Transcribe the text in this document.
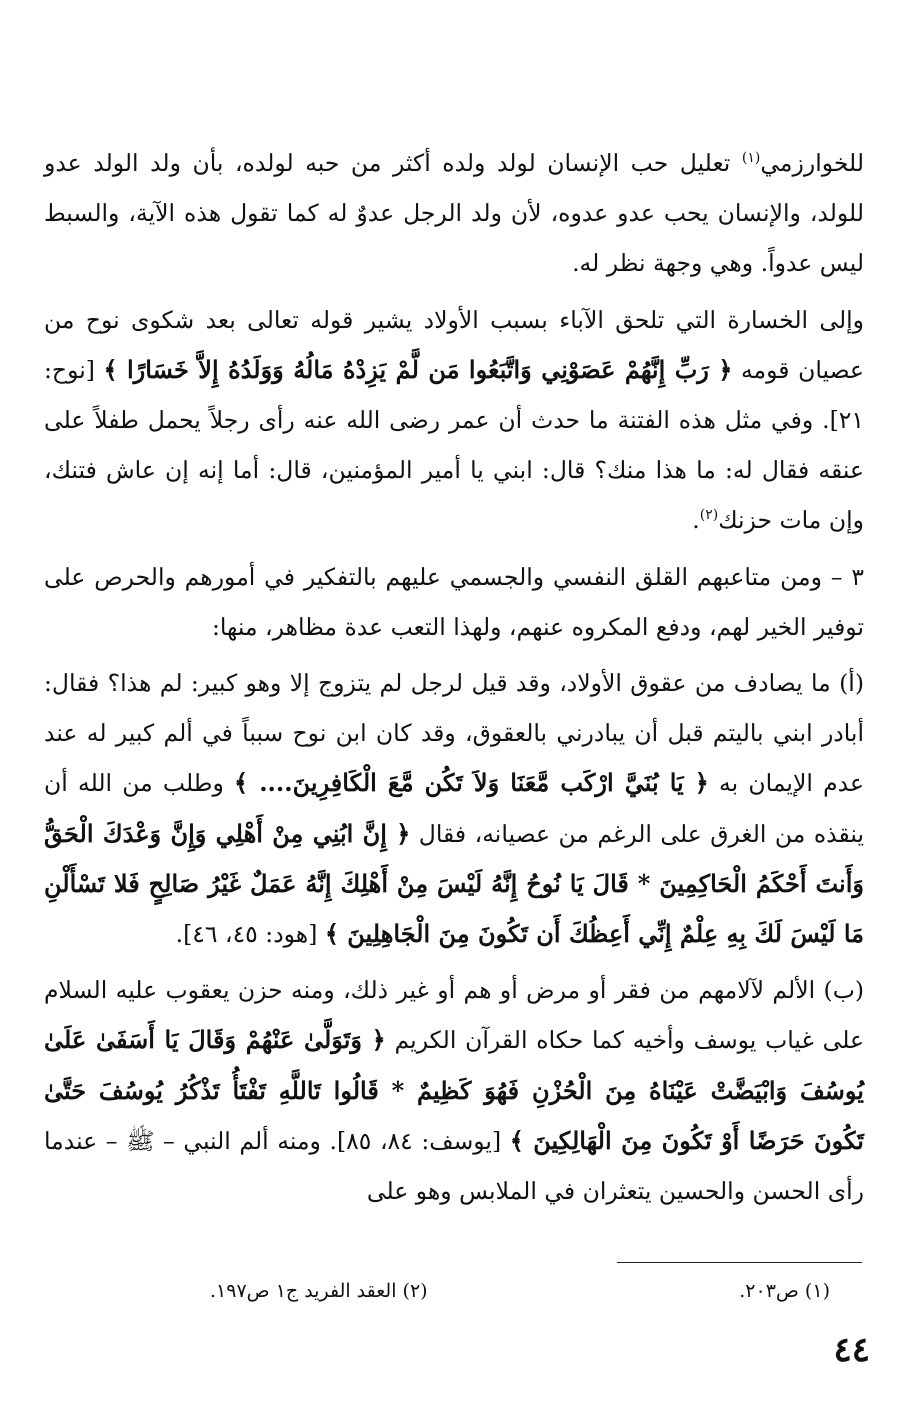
للخوارزمي$^{(١)}$ تعليل حب الإنسان لولد ولده أكثر من حبه لولده، بأن ولد الولد عدو للولد، والإنسان يحب عدو عدوه، لأن ولد الرجل عدوٌ له كما تقول هذه الآية، والسبط ليس عدواً. وهي وجهة نظر له.

وإلى الخسارة التي تلحق الآباء بسبب الأولاد يشير قوله تعالى بعد شكوى نوح من عصيان قومه ﴿ رَبِّ إِنَّهُمْ عَصَوْنِي وَاتَّبَعُوا مَن لَّمْ يَزِدْهُ مَالُهُ وَوَلَدُهُ إِلاَّ خَسَارًا ﴾ [نوح: ٢١]. وفي مثل هذه الفتنة ما حدث أن عمر رضى الله عنه رأى رجلاً يحمل طفلاً على عنقه فقال له: ما هذا منك؟ قال: ابني يا أمير المؤمنين، قال: أما إنه إن عاش فتنك، وإن مات حزنك$^{(٢)}$.

٣ – ومن متاعبهم القلق النفسي والجسمي عليهم بالتفكير في أمورهم والحرص على توفير الخير لهم، ودفع المكروه عنهم، ولهذا التعب عدة مظاهر، منها:

(أ) ما يصادف من عقوق الأولاد، وقد قيل لرجل لم يتزوج إلا وهو كبير: لم هذا؟ فقال: أبادر ابني باليتم قبل أن يبادرني بالعقوق، وقد كان ابن نوح سبباً في ألم كبير له عند عدم الإيمان به ﴿ يَا بُنَيَّ ارْكَب مَّعَنَا وَلاَ تَكُن مَّعَ الْكَافِرِينَ.... ﴾ وطلب من الله أن ينقذه من الغرق على الرغم من عصيانه، فقال ﴿ إِنَّ ابُنِي مِنْ أَهْلِي وَإِنَّ وَعْدَكَ الْحَقُّ وَأَنتَ أَحْكَمُ الْحَاكِمِينَ * قَالَ يَا نُوحُ إِنَّهُ لَيْسَ مِنْ أَهْلِكَ إِنَّهُ عَمَلٌ غَيْرُ صَالِحٍ فَلا تَسْأَلْنِ مَا لَيْسَ لَكَ بِهِ عِلْمٌ إِنِّي أَعِظُكَ أَن تَكُونَ مِنَ الْجَاهِلِينَ ﴾ [هود: ٤٥، ٤٦].

(ب) الألم لآلامهم من فقر أو مرض أو هم أو غير ذلك، ومنه حزن يعقوب عليه السلام على غياب يوسف وأخيه كما حكاه القرآن الكريم ﴿ وَتَوَلَّىٰ عَنْهُمْ وَقَالَ يَا أَسَفَىٰ عَلَىٰ يُوسُفَ وَابْيَضَّتْ عَيْنَاهُ مِنَ الْحُزْنِ فَهُوَ كَظِيمٌ * قَالُوا تَاللَّهِ تَفْتَأُ تَذْكُرُ يُوسُفَ حَتَّىٰ تَكُونَ حَرَضًا أَوْ تَكُونَ مِنَ الْهَالِكِينَ ﴾ [يوسف: ٨٤، ٨٥]. ومنه ألم النبي – ﷺ – عندما رأى الحسن والحسين يتعثران في الملابس وهو على

(١) ص٢٠٣.
(٢) العقد الفريد ج١ ص١٩٧.
٤٤
